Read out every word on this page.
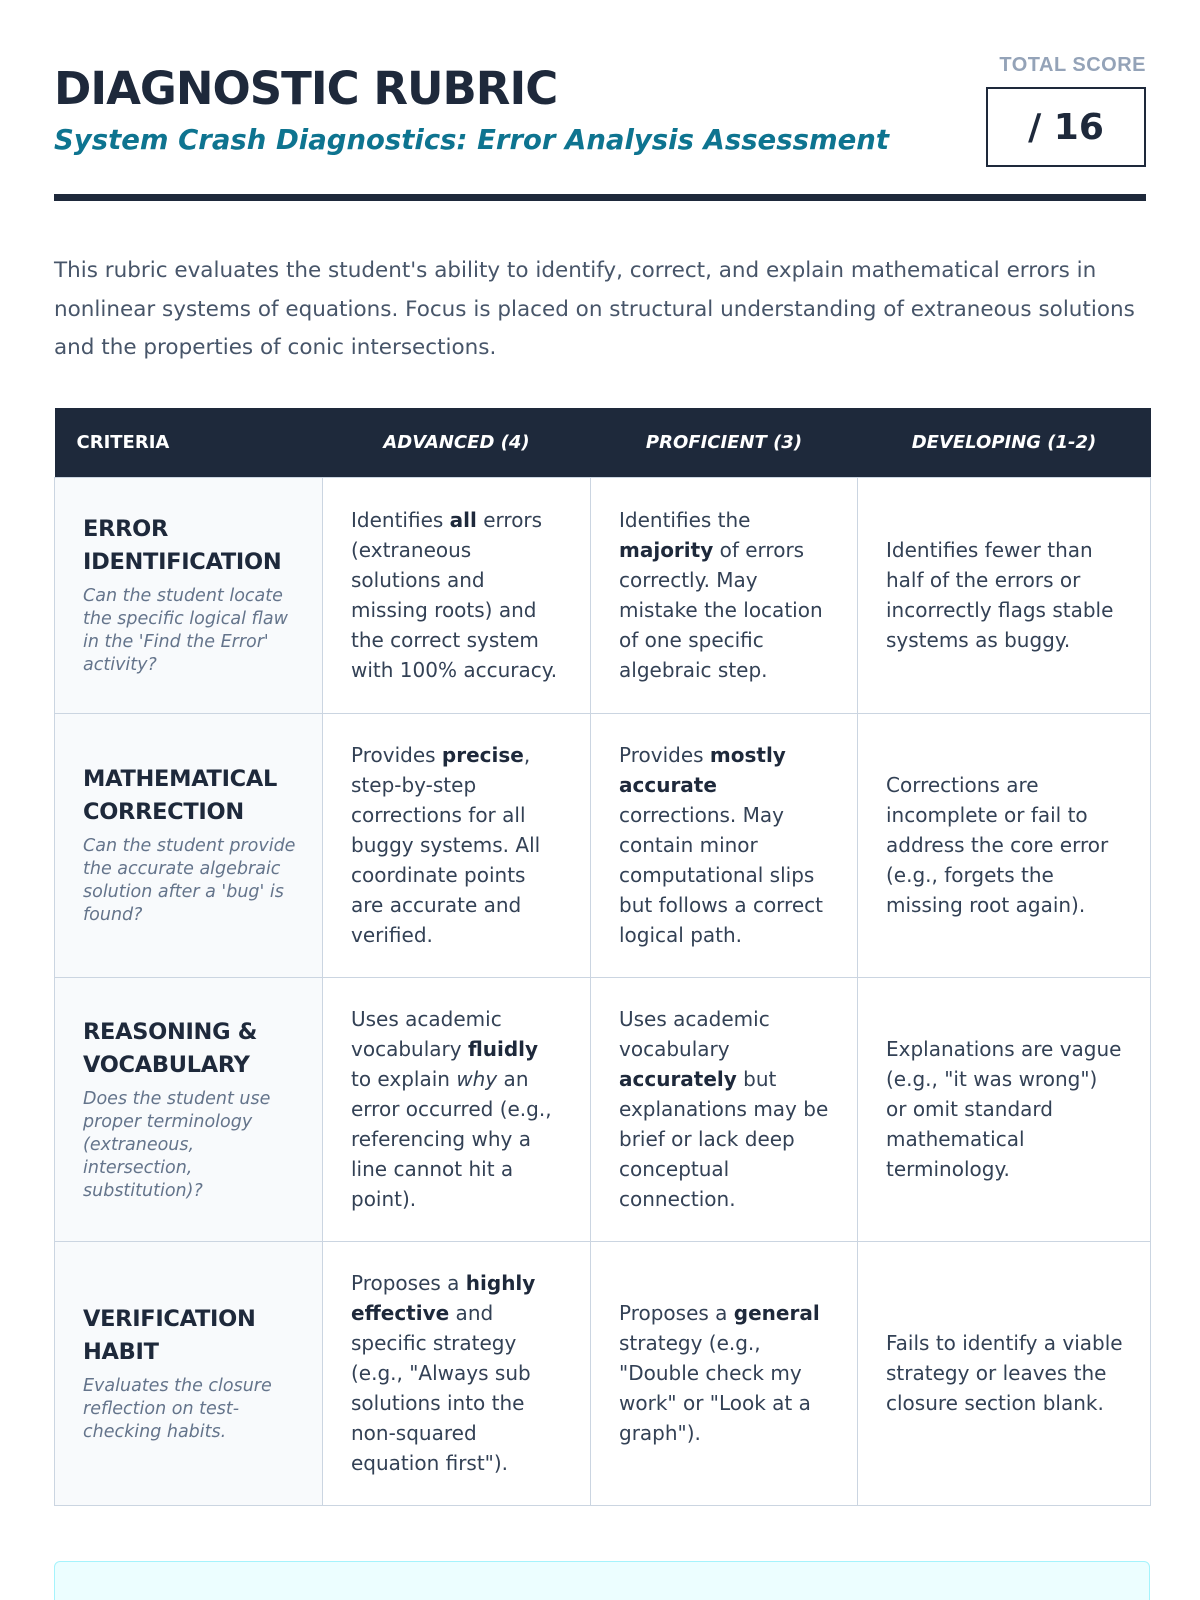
DIAGNOSTIC RUBRIC
System Crash Diagnostics: Error Analysis Assessment
TOTAL SCORE
/ 16

This rubric evaluates the student's ability to identify, correct, and explain mathematical errors in nonlinear systems of equations. Focus is placed on structural understanding of extraneous solutions and the properties of conic intersections.

CRITERIA	ADVANCED (4)	PROFICIENT (3)	DEVELOPING (1-2)

ERROR IDENTIFICATION
Can the student locate the specific logical flaw in the 'Find the Error' activity?	Identifies all errors (extraneous solutions and missing roots) and the correct system with 100% accuracy.	Identifies the majority of errors correctly. May mistake the location of one specific algebraic step.	Identifies fewer than half of the errors or incorrectly flags stable systems as buggy.

MATHEMATICAL CORRECTION
Can the student provide the accurate algebraic solution after a 'bug' is found?	Provides precise, step-by-step corrections for all buggy systems. All coordinate points are accurate and verified.	Provides mostly accurate corrections. May contain minor computational slips but follows a correct logical path.	Corrections are incomplete or fail to address the core error (e.g., forgets the missing root again).

REASONING & VOCABULARY
Does the student use proper terminology (extraneous, intersection, substitution)?	Uses academic vocabulary fluidly to explain why an error occurred (e.g., referencing why a line cannot hit a point).	Uses academic vocabulary accurately but explanations may be brief or lack deep conceptual connection.	Explanations are vague (e.g., "it was wrong") or omit standard mathematical terminology.

VERIFICATION HABIT
Evaluates the closure reflection on test-checking habits.	Proposes a highly effective and specific strategy (e.g., "Always sub solutions into the non-squared equation first").	Proposes a general strategy (e.g., "Double check my work" or "Look at a graph").	Fails to identify a viable strategy or leaves the closure section blank.
